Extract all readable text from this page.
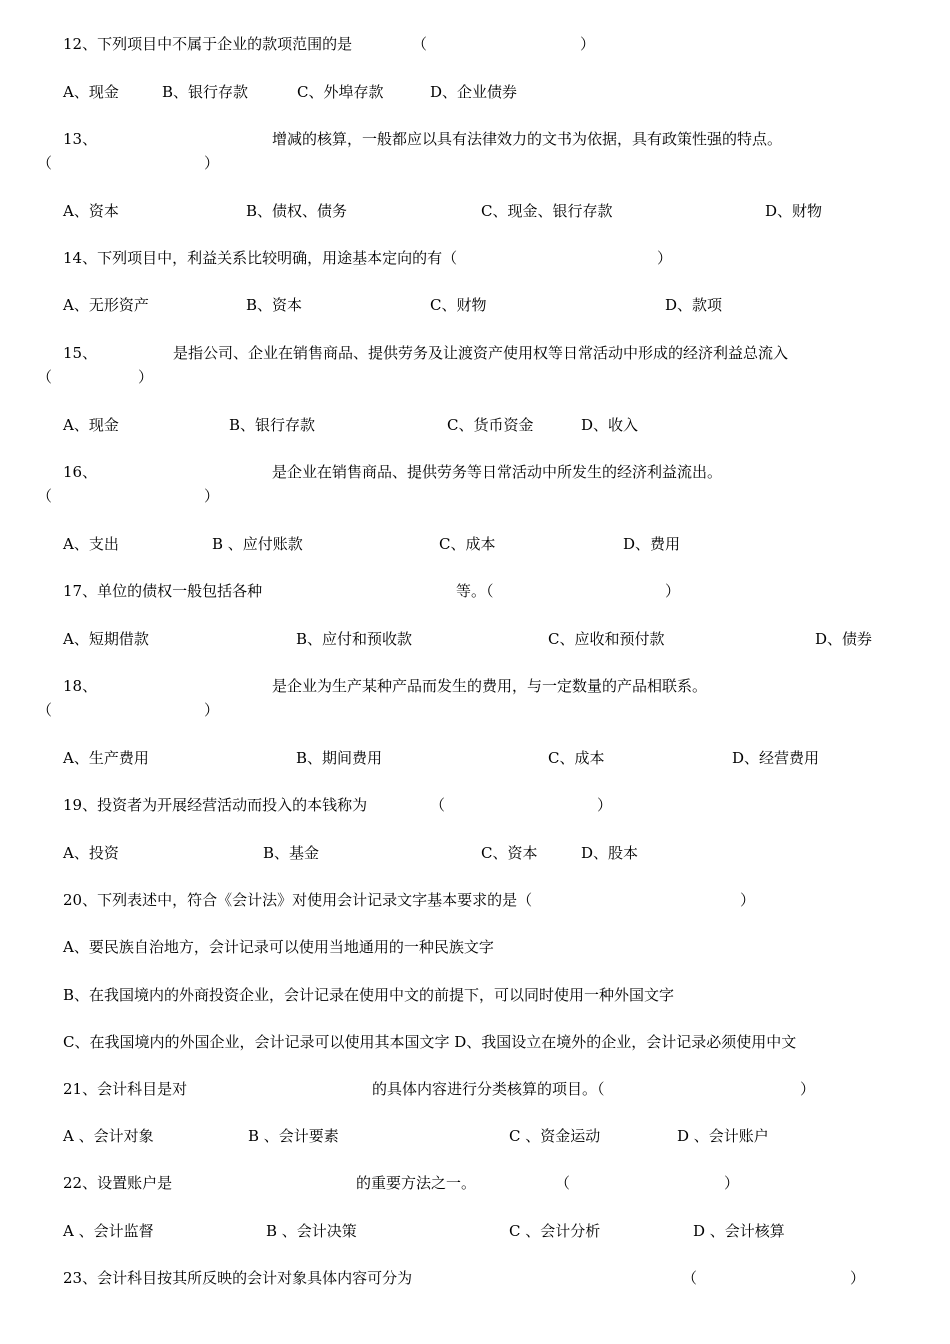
12、下列项目中不属于企业的款项范围的是	（	）
A、现金	B、银行存款	C、外埠存款	D、企业债券
13、	增减的核算，一般都应以具有法律效力的文书为依据，具有政策性强的特点。
（	）
A、资本	B、债权、债务	C、现金、银行存款	D、财物
14、下列项目中，利益关系比较明确，用途基本定向的有（	）
A、无形资产	B、资本	C、财物	D、款项
15、	是指公司、企业在销售商品、提供劳务及让渡资产使用权等日常活动中形成的经济利益总流入
（	）
A、现金	B、银行存款	C、货币资金	D、收入
16、	是企业在销售商品、提供劳务等日常活动中所发生的经济利益流出。
（	）
A、支出	B 、应付账款	C、成本	D、费用
17、单位的债权一般包括各种	等。（	）
A、短期借款	B、应付和预收款	C、应收和预付款	D、债券
18、	是企业为生产某种产品而发生的费用，与一定数量的产品相联系。
（	）
A、生产费用	B、期间费用	C、成本	D、经营费用
19、投资者为开展经营活动而投入的本钱称为	（	）
A、投资	B、基金	C、资本	D、股本
20、下列表述中，符合《会计法》对使用会计记录文字基本要求的是（	）
A、要民族自治地方，会计记录可以使用当地通用的一种民族文字
B、在我国境内的外商投资企业，会计记录在使用中文的前提下，可以同时使用一种外国文字
C、在我国境内的外国企业，会计记录可以使用其本国文字 D、我国设立在境外的企业，会计记录必须使用中文
21、会计科目是对	的具体内容进行分类核算的项目。（	）
A 、会计对象	B 、会计要素	C 、资金运动	D 、会计账户
22、设置账户是	的重要方法之一。	（	）
A 、会计监督	B 、会计决策	C 、会计分析	D 、会计核算
23、会计科目按其所反映的会计对象具体内容可分为	（	）
